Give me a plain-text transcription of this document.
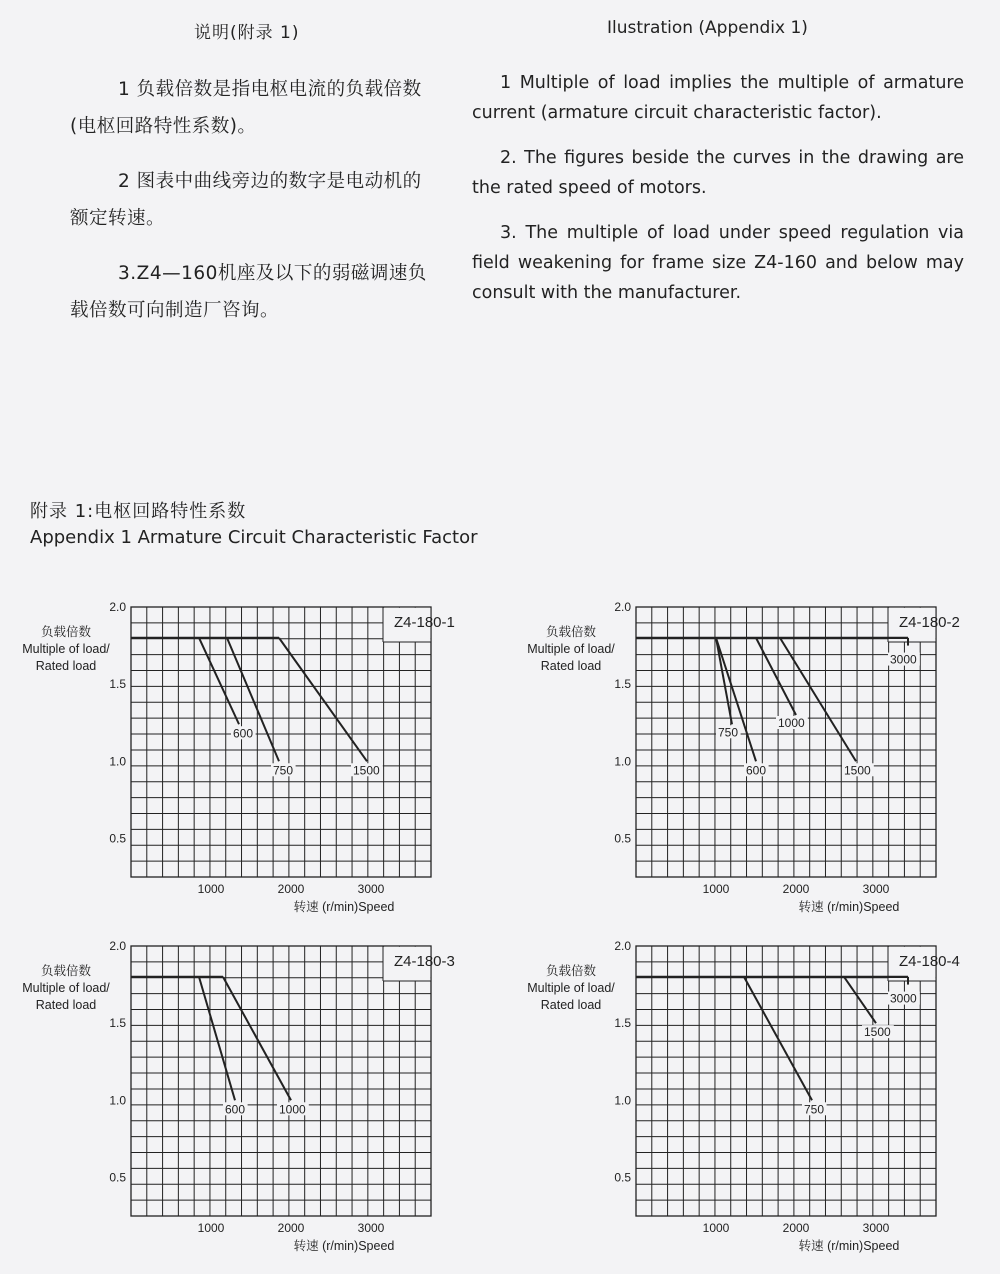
说明(附录 1)

1 负载倍数是指电枢电流的负载倍数(电枢回路特性系数)。

2 图表中曲线旁边的数字是电动机的额定转速。

3.Z4—160机座及以下的弱磁调速负载倍数可向制造厂咨询。

Ilustration (Appendix 1)

1 Multiple of load implies the multiple of armature current (armature circuit characteristic factor).

2. The figures beside the curves in the drawing are the rated speed of motors.

3. The multiple of load under speed regulation via field weakening for frame size Z4-160 and below may consult with the manufacturer.

附录 1:电枢回路特性系数
Appendix 1 Armature Circuit Characteristic Factor
Z4-180-1
0.5
1.0
1.5
2.0
1000	2000	3000
负载倍数
Multiple of load/
Rated load
转速 (r/min)Speed
600
750	1500
Z4-180-2
0.5
1.0
1.5
2.0
1000	2000	3000
负载倍数
Multiple of load/
Rated load
转速 (r/min)Speed
750
600
1000
1500
3000
Z4-180-3
0.5
1.0
1.5
2.0
1000	2000	3000
负载倍数
Multiple of load/
Rated load
转速 (r/min)Speed
600	1000
Z4-180-4
0.5
1.0
1.5
2.0
1000	2000	3000
负载倍数
Multiple of load/
Rated load
转速 (r/min)Speed
750
1500
3000
